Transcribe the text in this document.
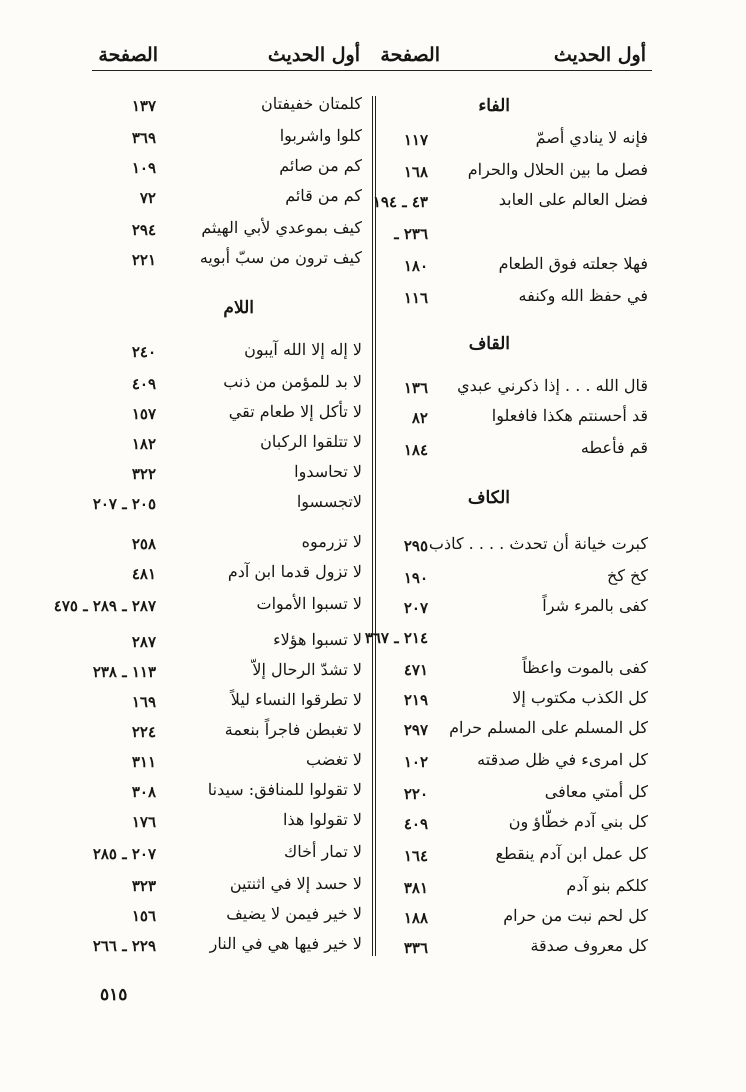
أول الحديث
الصفحة
أول الحديث
الصفحة
الفاء
فإنه لا ينادي أصمّ
١١٧
فصل ما بين الحلال والحرام
١٦٨
فضل العالم على العابد
٤٣ ـ ١٩٤
٢٣٦ ـ
فهلا جعلته فوق الطعام
١٨٠
في حفظ الله وكنفه
١١٦
القاف
قال الله . . . إذا ذكرني عبدي
١٣٦
قد أحسنتم هكذا فافعلوا
٨٢
قم فأعطه
١٨٤
الكاف
كبرت خيانة أن تحدث . . . . كاذب
٢٩٥
كخ كخ
١٩٠
كفى بالمرء شراً
٢٠٧
٢١٤ ـ ٣٦٧
كفى بالموت واعظاً
٤٧١
كل الكذب مكتوب إلا
٢١٩
كل المسلم على المسلم حرام
٢٩٧
كل امرىء في ظل صدقته
١٠٢
كل أمتي معافى
٢٢٠
كل بني آدم خطّاؤ ون
٤٠٩
كل عمل ابن آدم ينقطع
١٦٤
كلكم بنو آدم
٣٨١
كل لحم نبت من حرام
١٨٨
كل معروف صدقة
٣٣٦
كلمتان خفيفتان
١٣٧
كلوا واشربوا
٣٦٩
كم من صائم
١٠٩
كم من قائم
٧٢
كيف بموعدي لأبي الهيثم
٢٩٤
كيف ترون من سبّ أبويه
٢٢١
اللام
لا إله إلا الله آيبون
٢٤٠
لا بد للمؤمن من ذنب
٤٠٩
لا تأكل إلا طعام تقي
١٥٧
لا تتلقوا الركبان
١٨٢
لا تحاسدوا
٣٢٢
لاتجسسوا
٢٠٥ ـ ٢٠٧
لا تزرموه
٢٥٨
لا تزول قدما ابن آدم
٤٨١
لا تسبوا الأموات
٢٨٧ ـ ٢٨٩ ـ ٤٧٥
لا تسبوا هؤلاء
٢٨٧
لا تشدّ الرحال إلاّ
١١٣ ـ ٢٣٨
لا تطرقوا النساء ليلاً
١٦٩
لا تغبطن فاجراً بنعمة
٢٢٤
لا تغضب
٣١١
لا تقولوا للمنافق: سيدنا
٣٠٨
لا تقولوا هذا
١٧٦
لا تمار أخاك
٢٠٧ ـ ٢٨٥
لا حسد إلا في اثنتين
٣٢٣
لا خير فيمن لا يضيف
١٥٦
لا خير فيها هي في النار
٢٢٩ ـ ٢٦٦
٥١٥
